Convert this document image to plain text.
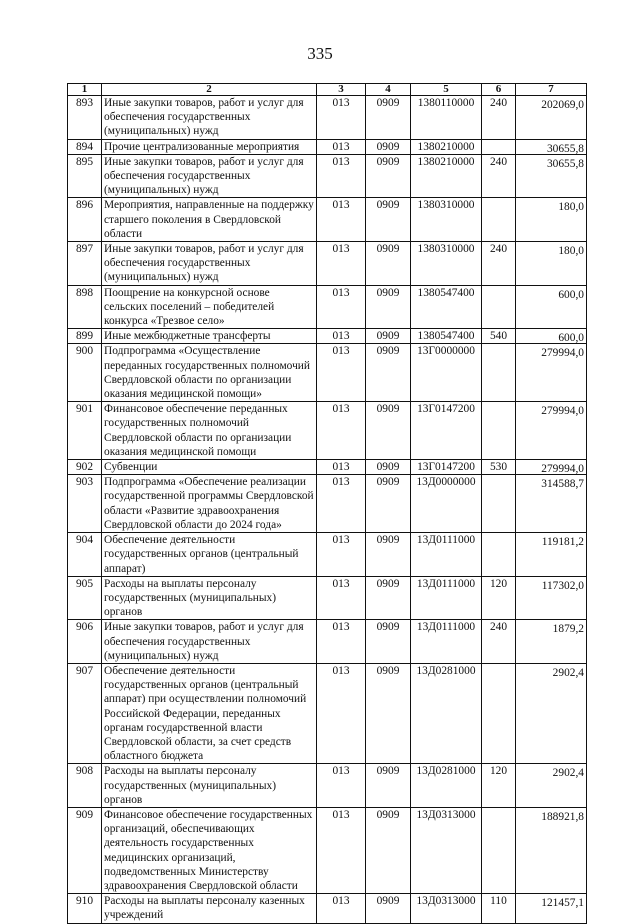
335
1	2	3	4	5	6	7
893	Иные закупки товаров, работ и услуг для обеспечения государственных (муниципальных) нужд	013	0909	1380110000	240	202069,0
894	Прочие централизованные мероприятия	013	0909	1380210000		30655,8
895	Иные закупки товаров, работ и услуг для обеспечения государственных (муниципальных) нужд	013	0909	1380210000	240	30655,8
896	Мероприятия, направленные на поддержку старшего поколения в Свердловской области	013	0909	1380310000		180,0
897	Иные закупки товаров, работ и услуг для обеспечения государственных (муниципальных) нужд	013	0909	1380310000	240	180,0
898	Поощрение на конкурсной основе сельских поселений – победителей конкурса «Трезвое село»	013	0909	1380547400		600,0
899	Иные межбюджетные трансферты	013	0909	1380547400	540	600,0
900	Подпрограмма «Осуществление переданных государственных полномочий Свердловской области по организации оказания медицинской помощи»	013	0909	13Г0000000		279994,0
901	Финансовое обеспечение переданных государственных полномочий Свердловской области по организации оказания медицинской помощи	013	0909	13Г0147200		279994,0
902	Субвенции	013	0909	13Г0147200	530	279994,0
903	Подпрограмма «Обеспечение реализации государственной программы Свердловской области «Развитие здравоохранения Свердловской области до 2024 года»	013	0909	13Д0000000		314588,7
904	Обеспечение деятельности государственных органов (центральный аппарат)	013	0909	13Д0111000		119181,2
905	Расходы на выплаты персоналу государственных (муниципальных) органов	013	0909	13Д0111000	120	117302,0
906	Иные закупки товаров, работ и услуг для обеспечения государственных (муниципальных) нужд	013	0909	13Д0111000	240	1879,2
907	Обеспечение деятельности государственных органов (центральный аппарат) при осуществлении полномочий Российской Федерации, переданных органам государственной власти Свердловской области, за счет средств областного бюджета	013	0909	13Д0281000		2902,4
908	Расходы на выплаты персоналу государственных (муниципальных) органов	013	0909	13Д0281000	120	2902,4
909	Финансовое обеспечение государственных организаций, обеспечивающих деятельность государственных медицинских организаций, подведомственных Министерству здравоохранения Свердловской области	013	0909	13Д0313000		188921,8
910	Расходы на выплаты персоналу казенных учреждений	013	0909	13Д0313000	110	121457,1
